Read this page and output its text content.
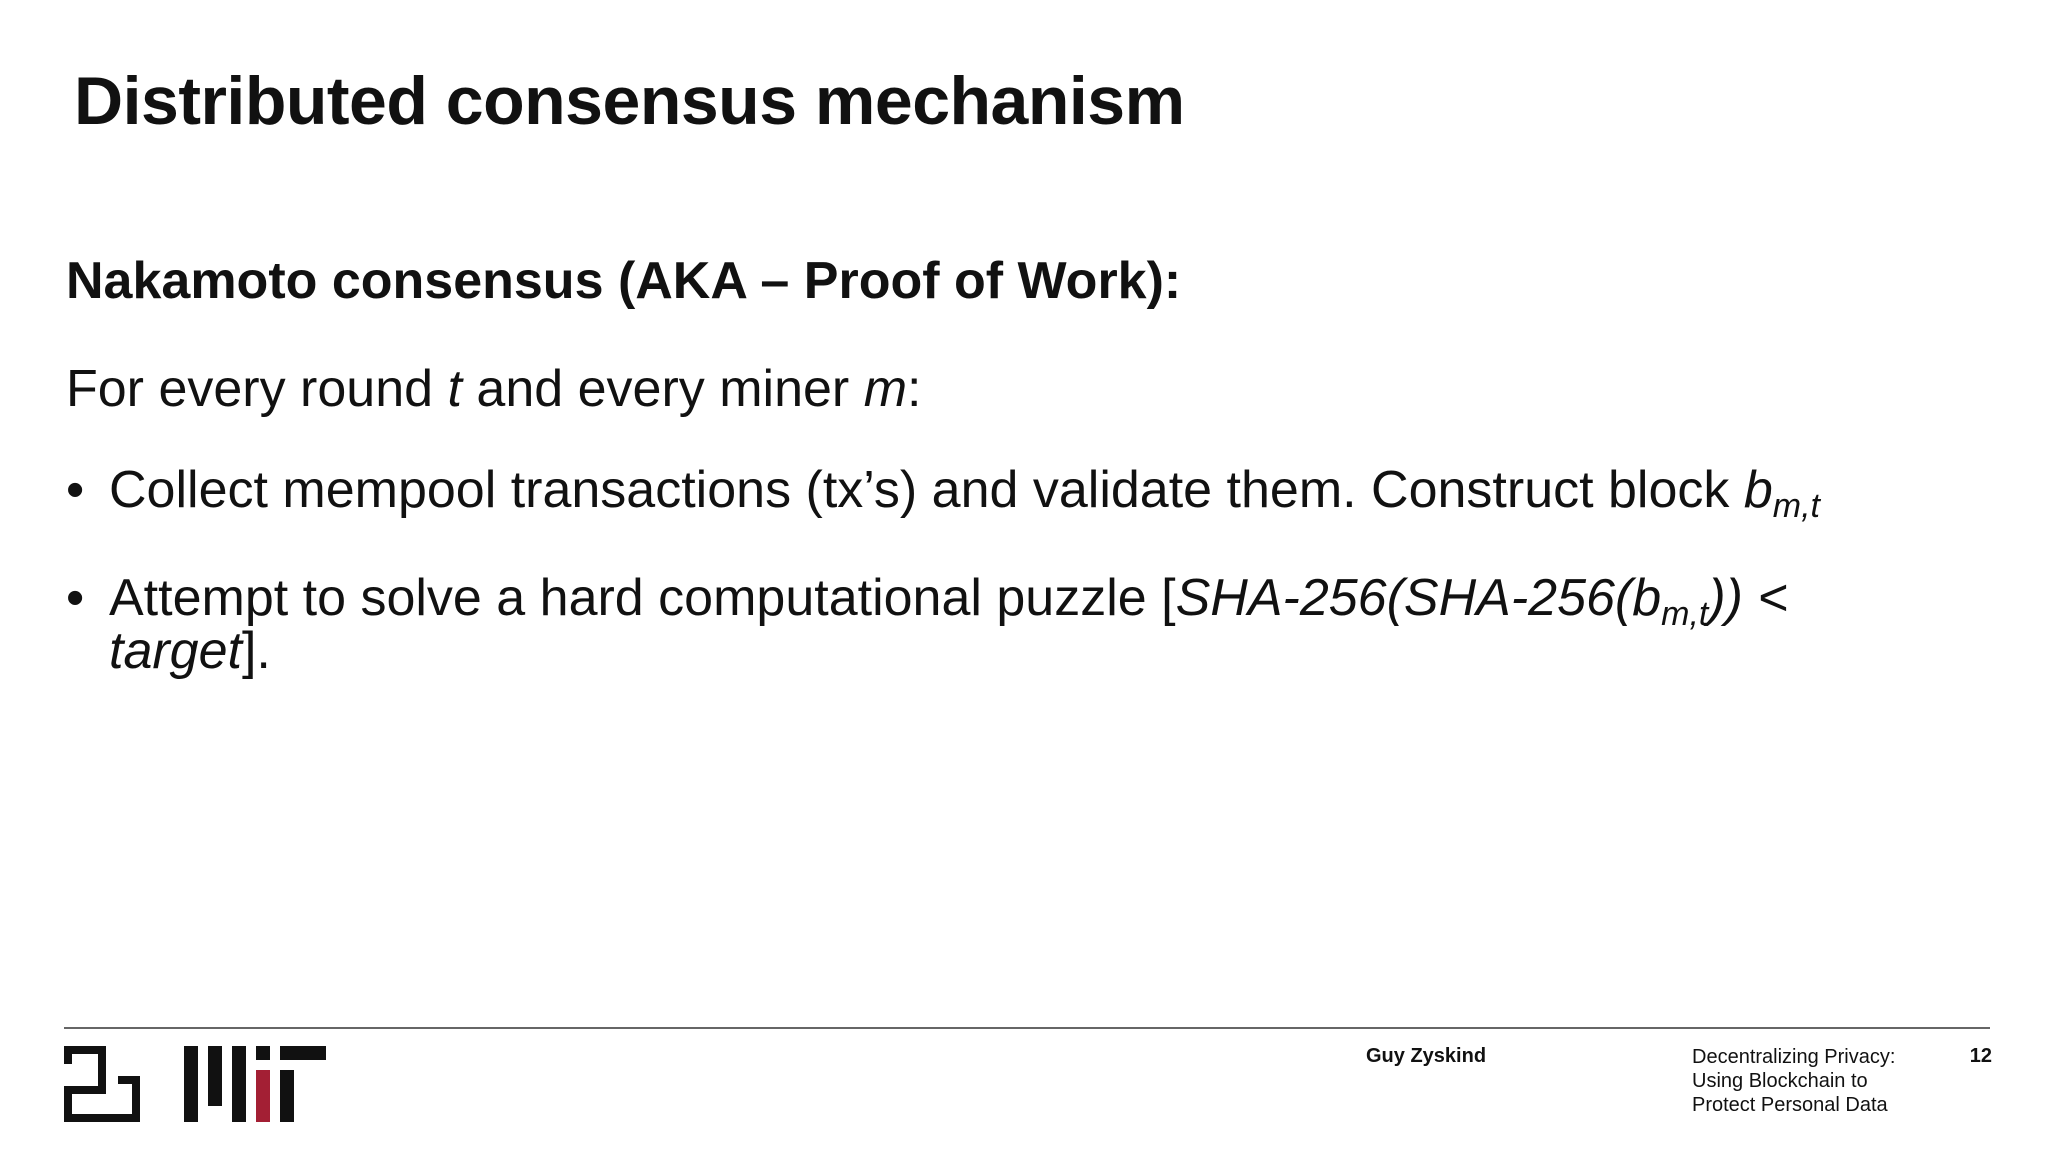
Distributed consensus mechanism

Nakamoto consensus (AKA – Proof of Work):

For every round t and every miner m:

• Collect mempool transactions (tx’s) and validate them. Construct block $b_{m,t}$
• Attempt to solve a hard computational puzzle [$SHA-256(SHA-256(b_{m,t}))$ < target].
Guy Zyskind	Decentralizing Privacy:
Using Blockchain to
Protect Personal Data
12
